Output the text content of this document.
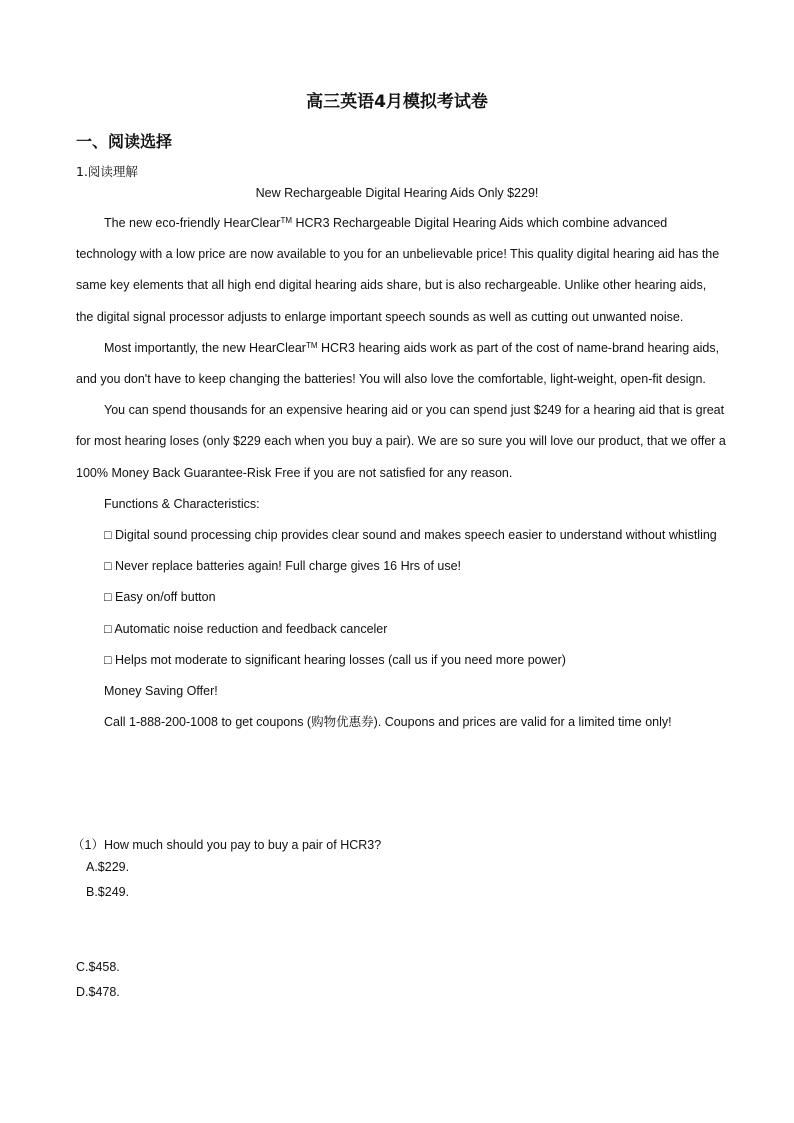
高三英语4月模拟考试卷
一、阅读选择
1.阅读理解
New Rechargeable Digital Hearing Aids Only $229!

The new eco-friendly HearClear™ HCR3 Rechargeable Digital Hearing Aids which combine advanced technology with a low price are now available to you for an unbelievable price! This quality digital hearing aid has the same key elements that all high end digital hearing aids share, but is also rechargeable. Unlike other hearing aids, the digital signal processor adjusts to enlarge important speech sounds as well as cutting out unwanted noise.

Most importantly, the new HearClear™ HCR3 hearing aids work as part of the cost of name-brand hearing aids, and you don't have to keep changing the batteries! You will also love the comfortable, light-weight, open-fit design.

You can spend thousands for an expensive hearing aid or you can spend just $249 for a hearing aid that is great for most hearing loses (only $229 each when you buy a pair). We are so sure you will love our product, that we offer a 100% Money Back Guarantee-Risk Free if you are not satisfied for any reason.

Functions & Characteristics:

□ Digital sound processing chip provides clear sound and makes speech easier to understand without whistling

□ Never replace batteries again! Full charge gives 16 Hrs of use!

□ Easy on/off button

□ Automatic noise reduction and feedback canceler

□ Helps mot moderate to significant hearing losses (call us if you need more power)

Money Saving Offer!

Call 1-888-200-1008 to get coupons (购物优惠券). Coupons and prices are valid for a limited time only!

（1）How much should you pay to buy a pair of HCR3?
A.$229.
B.$249.
C.$458.
D.$478.
